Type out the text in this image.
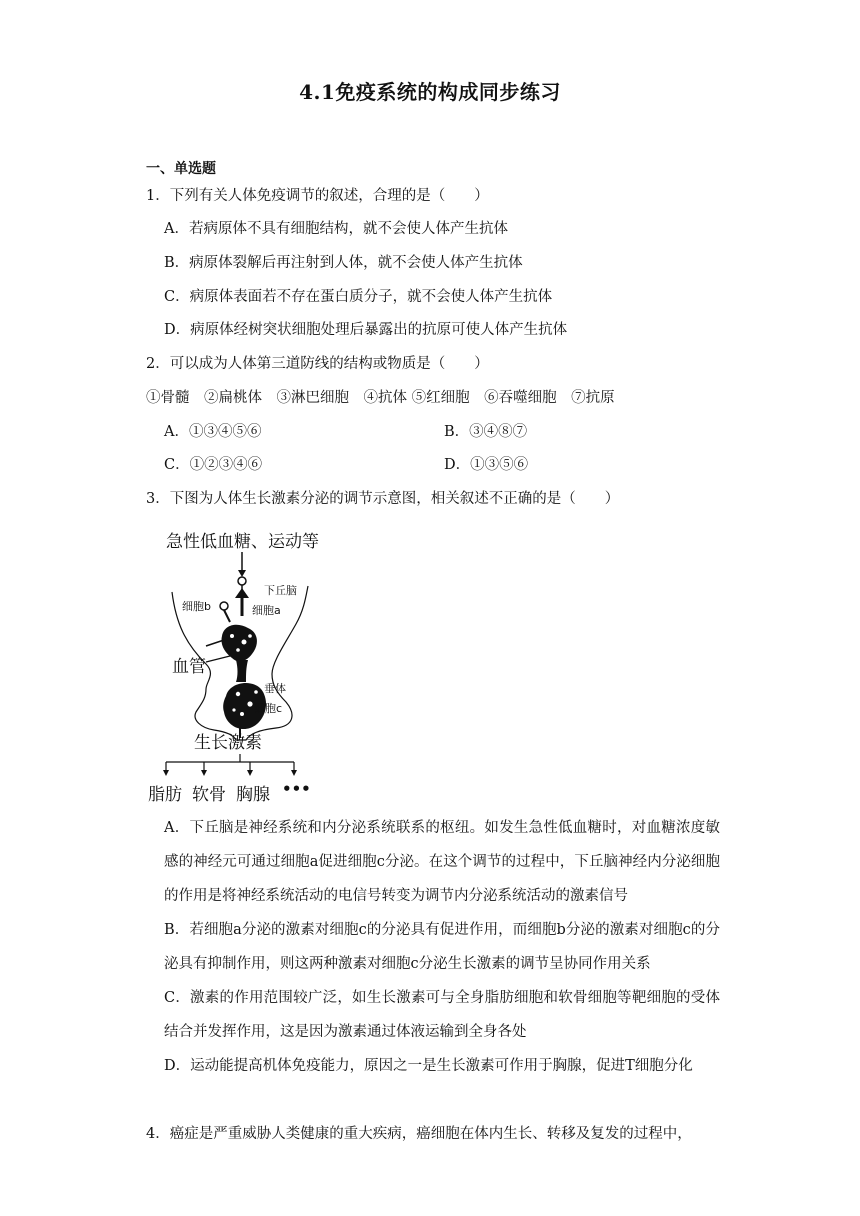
4.1免疫系统的构成同步练习
一、单选题
1．下列有关人体免疫调节的叙述，合理的是（　　）
A．若病原体不具有细胞结构，就不会使人体产生抗体
B．病原体裂解后再注射到人体，就不会使人体产生抗体
C．病原体表面若不存在蛋白质分子，就不会使人体产生抗体
D．病原体经树突状细胞处理后暴露出的抗原可使人体产生抗体
2．可以成为人体第三道防线的结构或物质是（　　）
①骨髓　②扁桃体　③淋巴细胞　④抗体 ⑤红细胞　⑥吞噬细胞　⑦抗原
A．①③④⑤⑥	B．③④⑧⑦
C．①②③④⑥	D．①③⑤⑥
3．下图为人体生长激素分泌的调节示意图，相关叙述不正确的是（　　）
急性低血糖、运动等
下丘脑
细胞a
细胞b
血管
垂体
细胞c
生长激素
脂肪 软骨 胸腺 •••
A．下丘脑是神经系统和内分泌系统联系的枢纽。如发生急性低血糖时，对血糖浓度敏感的神经元可通过细胞a促进细胞c分泌。在这个调节的过程中，下丘脑神经内分泌细胞的作用是将神经系统活动的电信号转变为调节内分泌系统活动的激素信号
B．若细胞a分泌的激素对细胞c的分泌具有促进作用，而细胞b分泌的激素对细胞c的分泌具有抑制作用，则这两种激素对细胞c分泌生长激素的调节呈协同作用关系
C．激素的作用范围较广泛，如生长激素可与全身脂肪细胞和软骨细胞等靶细胞的受体结合并发挥作用，这是因为激素通过体液运输到全身各处
D．运动能提高机体免疫能力，原因之一是生长激素可作用于胸腺，促进T细胞分化
4．癌症是严重威胁人类健康的重大疾病，癌细胞在体内生长、转移及复发的过程中，
